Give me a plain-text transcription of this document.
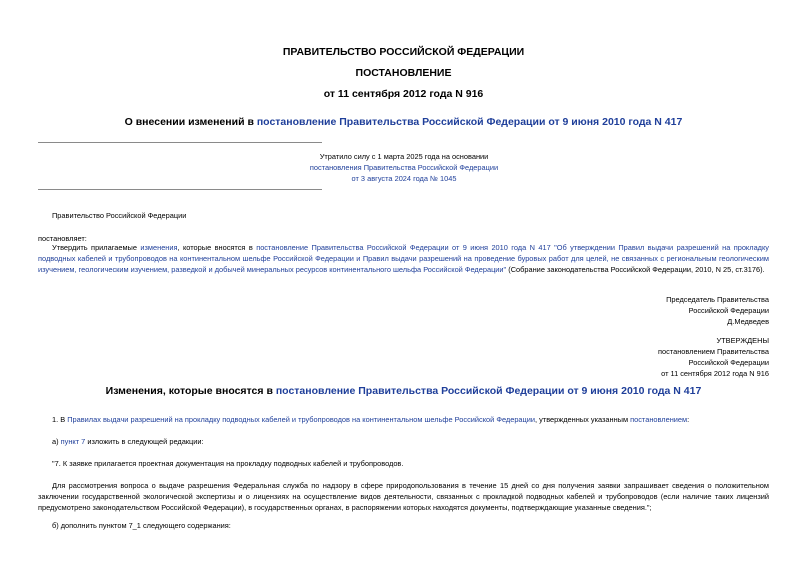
ПРАВИТЕЛЬСТВО РОССИЙСКОЙ ФЕДЕРАЦИИ
ПОСТАНОВЛЕНИЕ
от 11 сентября 2012 года N 916
О внесении изменений в постановление Правительства Российской Федерации от 9 июня 2010 года N 417
Утратило силу с 1 марта 2025 года на основании
постановления Правительства Российской Федерации
от 3 августа 2024 года № 1045
Правительство Российской Федерации
постановляет:
Утвердить прилагаемые изменения, которые вносятся в постановление Правительства Российской Федерации от 9 июня 2010 года N 417 "Об утверждении Правил выдачи разрешений на прокладку подводных кабелей и трубопроводов на континентальном шельфе Российской Федерации и Правил выдачи разрешений на проведение буровых работ для целей, не связанных с региональным геологическим изучением, геологическим изучением, разведкой и добычей минеральных ресурсов континентального шельфа Российской Федерации" (Собрание законодательства Российской Федерации, 2010, N 25, ст.3176).
Председатель Правительства
Российской Федерации
Д.Медведев
УТВЕРЖДЕНЫ
постановлением Правительства
Российской Федерации
от 11 сентября 2012 года N 916
Изменения, которые вносятся в постановление Правительства Российской Федерации от 9 июня 2010 года N 417
1. В Правилах выдачи разрешений на прокладку подводных кабелей и трубопроводов на континентальном шельфе Российской Федерации, утвержденных указанным постановлением:
а) пункт 7 изложить в следующей редакции:
"7. К заявке прилагается проектная документация на прокладку подводных кабелей и трубопроводов.
Для рассмотрения вопроса о выдаче разрешения Федеральная служба по надзору в сфере природопользования в течение 15 дней со дня получения заявки запрашивает сведения о положительном заключении государственной экологической экспертизы и о лицензиях на осуществление видов деятельности, связанных с прокладкой подводных кабелей и трубопроводов (если наличие таких лицензий предусмотрено законодательством Российской Федерации), в государственных органах, в распоряжении которых находятся документы, подтверждающие указанные сведения.";
б) дополнить пунктом 7_1 следующего содержания:
